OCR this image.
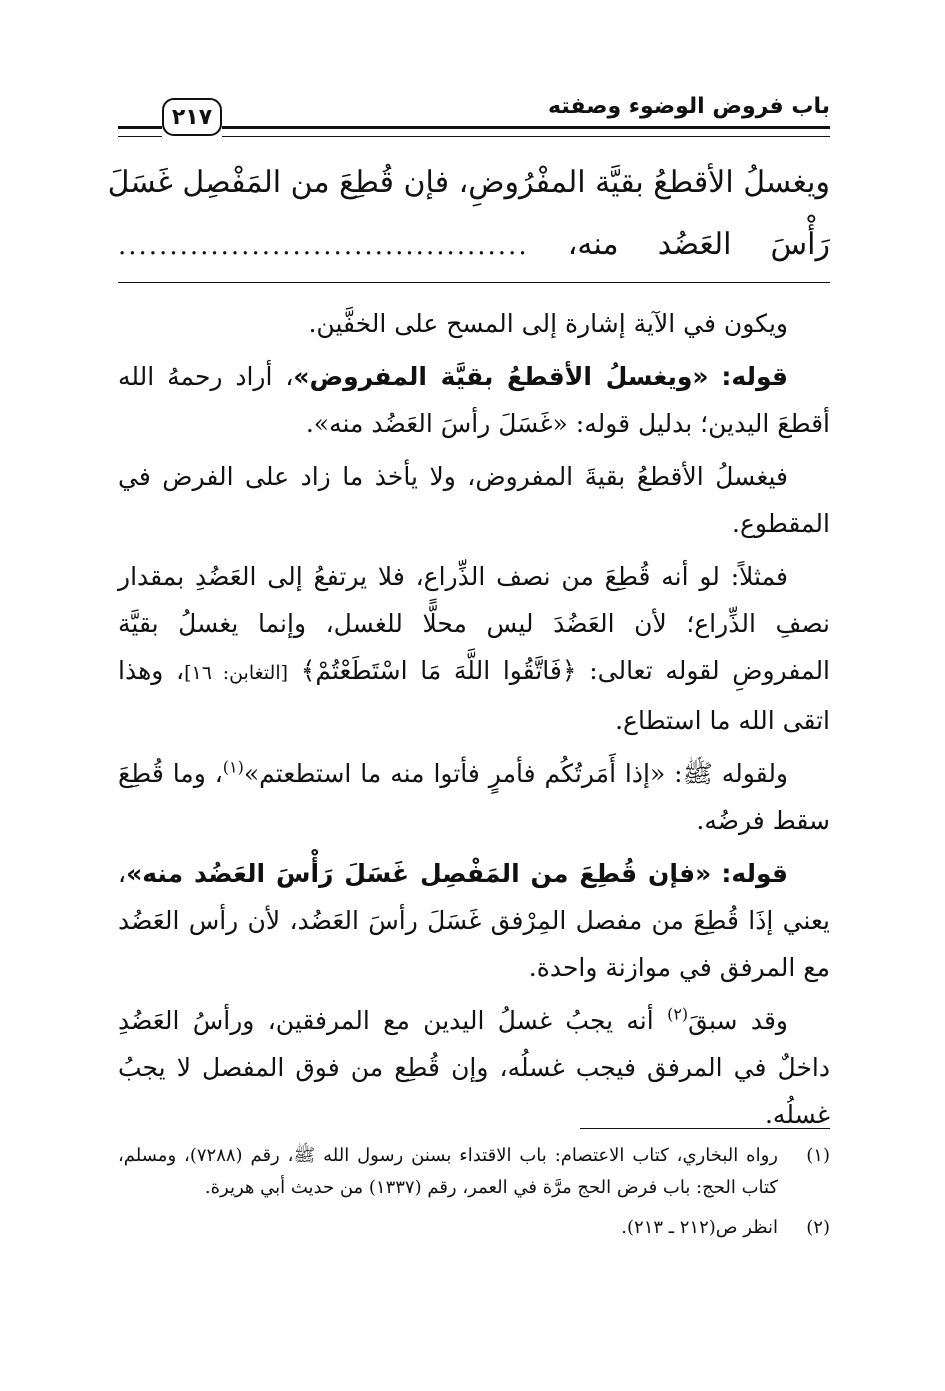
باب فروض الوضوء وصفته
٢١٧
ويغسلُ الأقطعُ بقيَّة المفْرُوضِ، فإن قُطِعَ من المَفْصِل غَسَلَ
رَأْسَ العَضُد منه، ........................................

ويكون في الآية إشارة إلى المسح على الخفَّين.

قوله: «ويغسلُ الأقطعُ بقيَّة المفروض»، أراد رحمهُ الله أقطعَ اليدين؛ بدليل قوله: «غَسَلَ رأسَ العَضُد منه».

فيغسلُ الأقطعُ بقيةَ المفروض، ولا يأخذ ما زاد على الفرض في المقطوع.

فمثلاً: لو أنه قُطِعَ من نصف الذِّراع، فلا يرتفعُ إلى العَضُدِ بمقدار نصفِ الذِّراع؛ لأن العَضُدَ ليس محلًّا للغسل، وإنما يغسلُ بقيَّة المفروضِ لقوله تعالى: ﴿فَاتَّقُوا اللَّهَ مَا اسْتَطَعْتُمْ﴾ [التغابن: ١٦]، وهذا اتقى الله ما استطاع.

ولقوله ﷺ: «إذا أَمَرتُكُم فأمرٍ فأتوا منه ما استطعتم»$^{(١)}$، وما قُطِعَ سقط فرضُه.

قوله: «فإن قُطِعَ من المَفْصِل غَسَلَ رَأْسَ العَضُد منه»، يعني إذَا قُطِعَ من مفصل المِرْفق غَسَلَ رأسَ العَضُد، لأن رأس العَضُد مع المرفق في موازنة واحدة.

وقد سبقَ$^{(٢)}$ أنه يجبُ غسلُ اليدين مع المرفقين، ورأسُ العَضُدِ داخلٌ في المرفق فيجب غسلُه، وإن قُطِع من فوق المفصل لا يجبُ غسلُه.

(١)
رواه البخاري، كتاب الاعتصام: باب الاقتداء بسنن رسول الله ﷺ، رقم (٧٢٨٨)، ومسلم، كتاب الحج: باب فرض الحج مرَّة في العمر، رقم (١٣٣٧) من حديث أبي هريرة.
(٢)
انظر ص(٢١٢ ـ ٢١٣).
